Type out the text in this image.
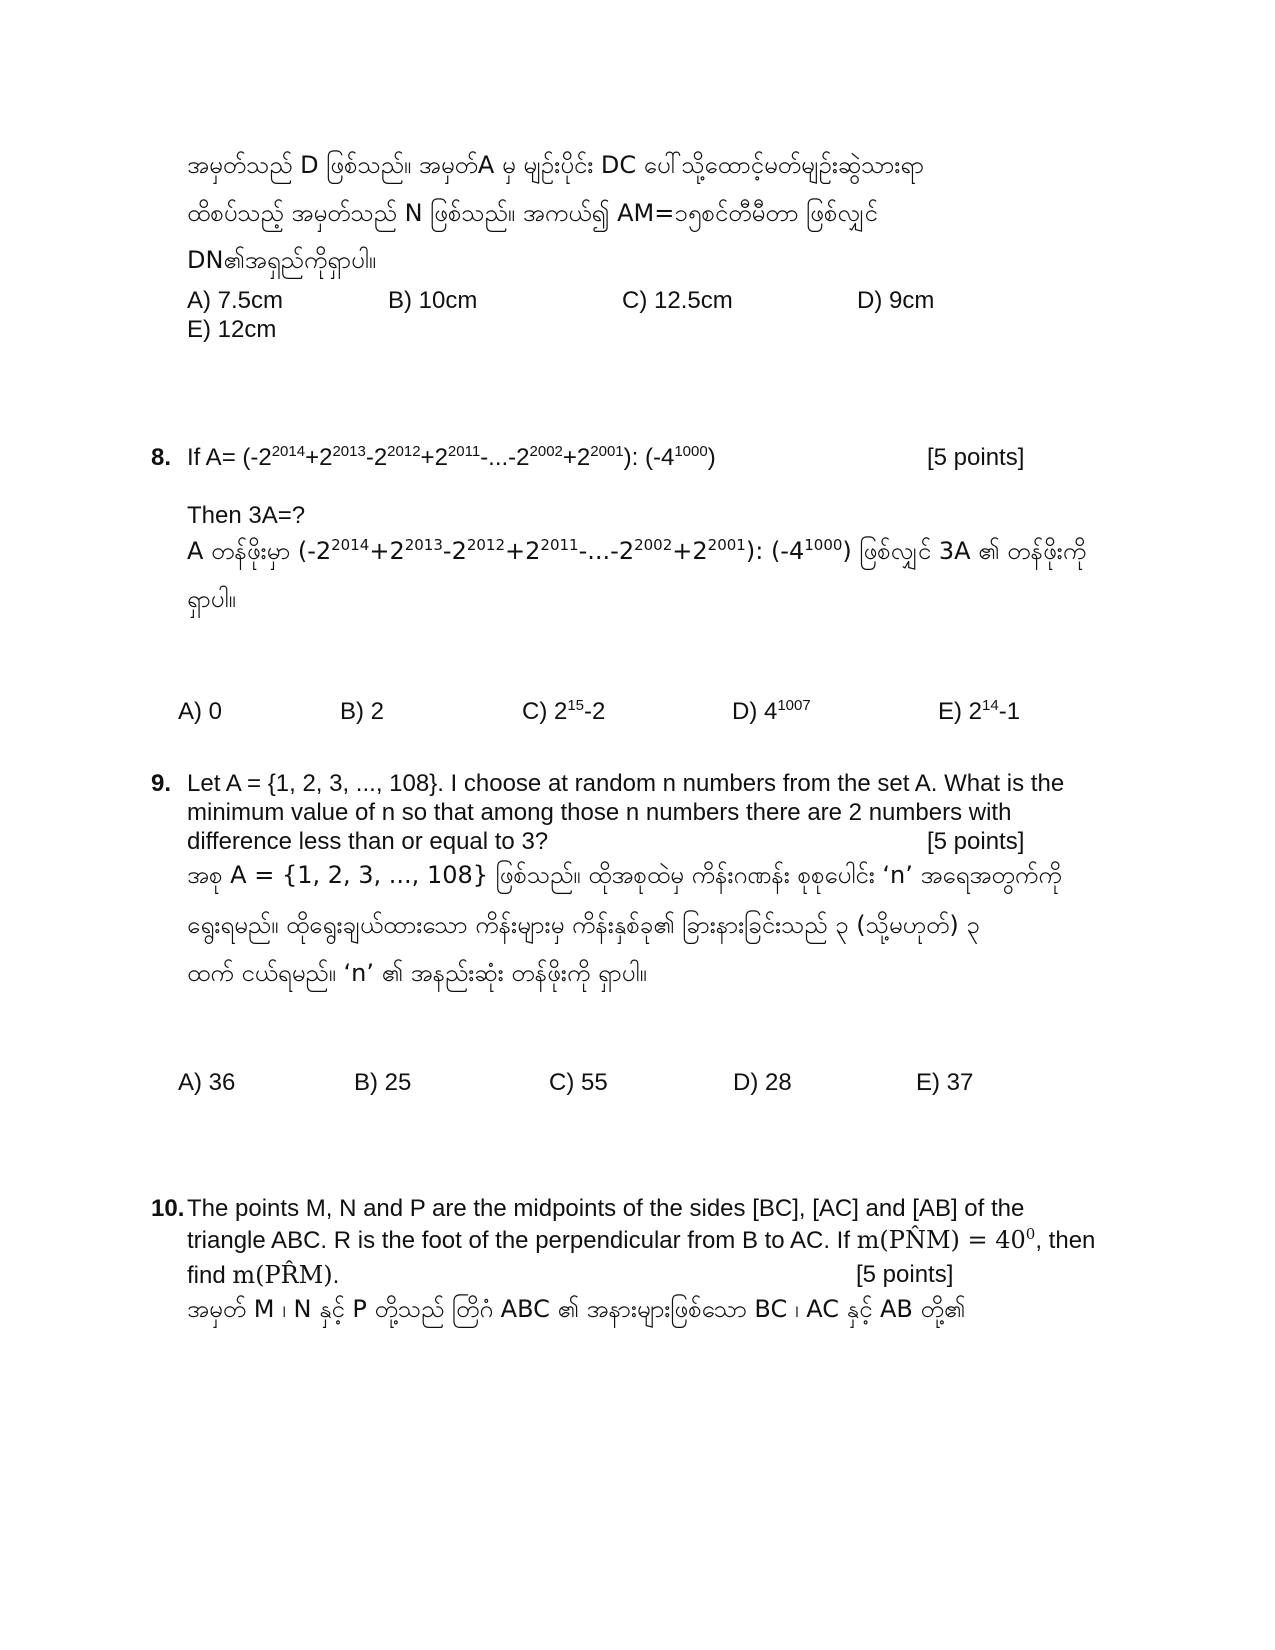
အမှတ်သည် D ဖြစ်သည်။ အမှတ်A မှ မျဉ်းပိုင်း DC ပေါ်သို့ထောင့်မတ်မျဉ်းဆွဲသားရာ
ထိစပ်သည့် အမှတ်သည် N ဖြစ်သည်။ အကယ်၍ AM=၁၅စင်တီမီတာ ဖြစ်လျှင်
DN၏အရှည်ကိုရှာပါ။
A) 7.5cm	B) 10cm	C) 12.5cm	D) 9cm
E) 12cm
8. If $A= (-2^{2014}+2^{2013}-2^{2012}+2^{2011}-...-2^{2002}+2^{2001})$: $(-4^{1000})$	[5 points]
Then 3A=?
A တန်ဖိုးမှာ $(-2^{2014}+2^{2013}-2^{2012}+2^{2011}-...-2^{2002}+2^{2001})$: $(-4^{1000})$ ဖြစ်လျှင် 3A ၏ တန်ဖိုးကို
ရှာပါ။
A) 0	B) 2	C) $2^{15}-2$	D) $4^{1007}$	E) $2^{14}-1$
9. Let A = {1, 2, 3, ..., 108}. I choose at random n numbers from the set A. What is the
minimum value of n so that among those n numbers there are 2 numbers with
difference less than or equal to 3?	[5 points]
အစု A = {1, 2, 3, ..., 108} ဖြစ်သည်။ ထိုအစုထဲမှ ကိန်းဂဏန်း စုစုပေါင်း ‘n’ အရေအတွက်ကို
ရွေးရမည်။ ထိုရွေးချယ်ထားသော ကိန်းများမှ ကိန်းနှစ်ခု၏ ခြားနားခြင်းသည် ၃ (သို့မဟုတ်) ၃
ထက် ငယ်ရမည်။ ‘n’ ၏ အနည်းဆုံး တန်ဖိုးကို ရှာပါ။
A) 36	B) 25	C) 55	D) 28	E) 37
10. The points M, N and P are the midpoints of the sides [BC], [AC] and [AB] of the
triangle ABC. R is the foot of the perpendicular from B to AC. If m(PN̂M) = $40^0$, then
find m(PR̂M).	[5 points]
အမှတ် M ၊ N နှင့် P တို့သည် တြိဂံ ABC ၏ အနားများဖြစ်သော BC ၊ AC နှင့် AB တို့၏
